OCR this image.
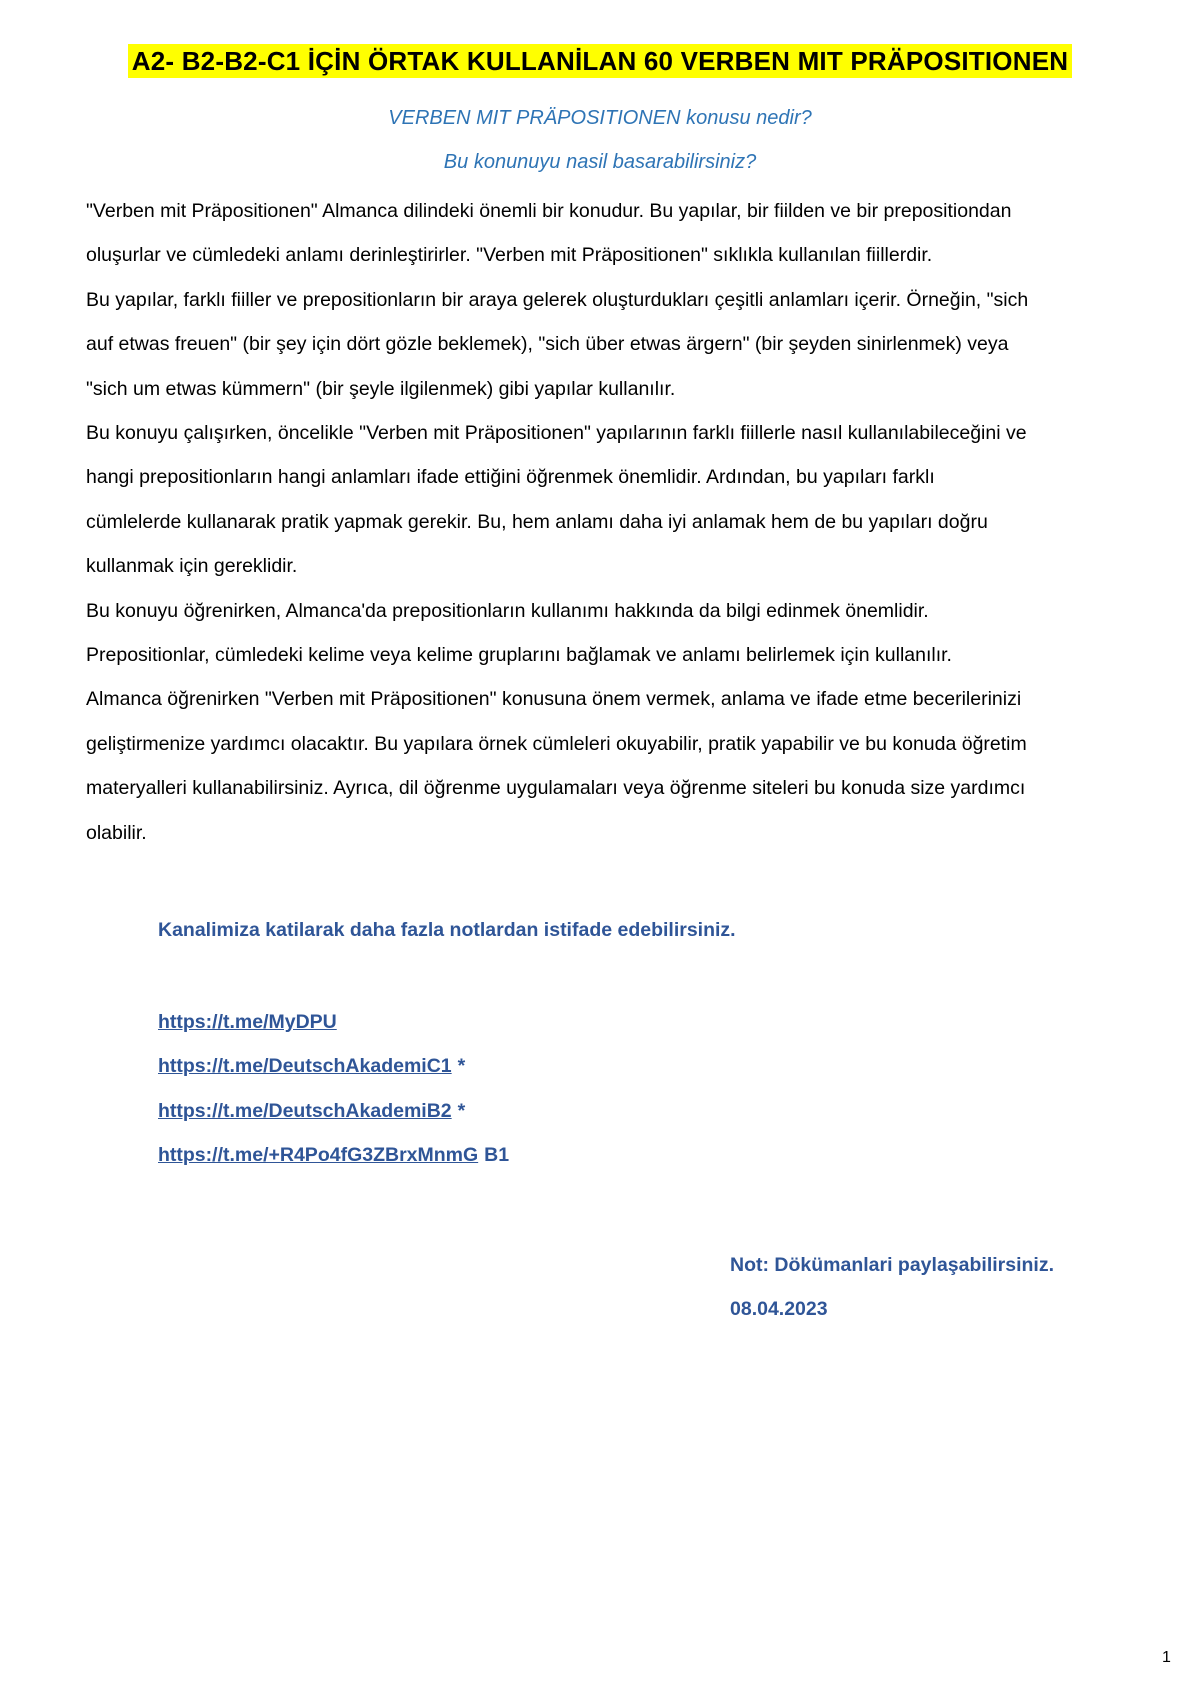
A2- B2-B2-C1 İÇİN ÖRTAK KULLANİLAN 60 VERBEN MIT PRÄPOSITIONEN
VERBEN MIT PRÄPOSITIONEN konusu nedir?
Bu konunuyu nasil basarabilirsiniz?

"Verben mit Präpositionen" Almanca dilindeki önemli bir konudur. Bu yapılar, bir fiilden ve bir prepositiondan

oluşurlar ve cümledeki anlamı derinleştirirler. "Verben mit Präpositionen" sıklıkla kullanılan fiillerdir.

Bu yapılar, farklı fiiller ve prepositionların bir araya gelerek oluşturdukları çeşitli anlamları içerir. Örneğin, "sich

auf etwas freuen" (bir şey için dört gözle beklemek), "sich über etwas ärgern" (bir şeyden sinirlenmek) veya

"sich um etwas kümmern" (bir şeyle ilgilenmek) gibi yapılar kullanılır.

Bu konuyu çalışırken, öncelikle "Verben mit Präpositionen" yapılarının farklı fiillerle nasıl kullanılabileceğini ve

hangi prepositionların hangi anlamları ifade ettiğini öğrenmek önemlidir. Ardından, bu yapıları farklı

cümlelerde kullanarak pratik yapmak gerekir. Bu, hem anlamı daha iyi anlamak hem de bu yapıları doğru

kullanmak için gereklidir.

Bu konuyu öğrenirken, Almanca'da prepositionların kullanımı hakkında da bilgi edinmek önemlidir.

Prepositionlar, cümledeki kelime veya kelime gruplarını bağlamak ve anlamı belirlemek için kullanılır.

Almanca öğrenirken "Verben mit Präpositionen" konusuna önem vermek, anlama ve ifade etme becerilerinizi

geliştirmenize yardımcı olacaktır. Bu yapılara örnek cümleleri okuyabilir, pratik yapabilir ve bu konuda öğretim

materyalleri kullanabilirsiniz. Ayrıca, dil öğrenme uygulamaları veya öğrenme siteleri bu konuda size yardımcı

olabilir.

Kanalimiza katilarak daha fazla notlardan istifade edebilirsiniz.
https://t.me/MyDPU
https://t.me/DeutschAkademiC1 *
https://t.me/DeutschAkademiB2 *
https://t.me/+R4Po4fG3ZBrxMnmG B1
Not: Dökümanlari paylaşabilirsiniz.
08.04.2023
1
